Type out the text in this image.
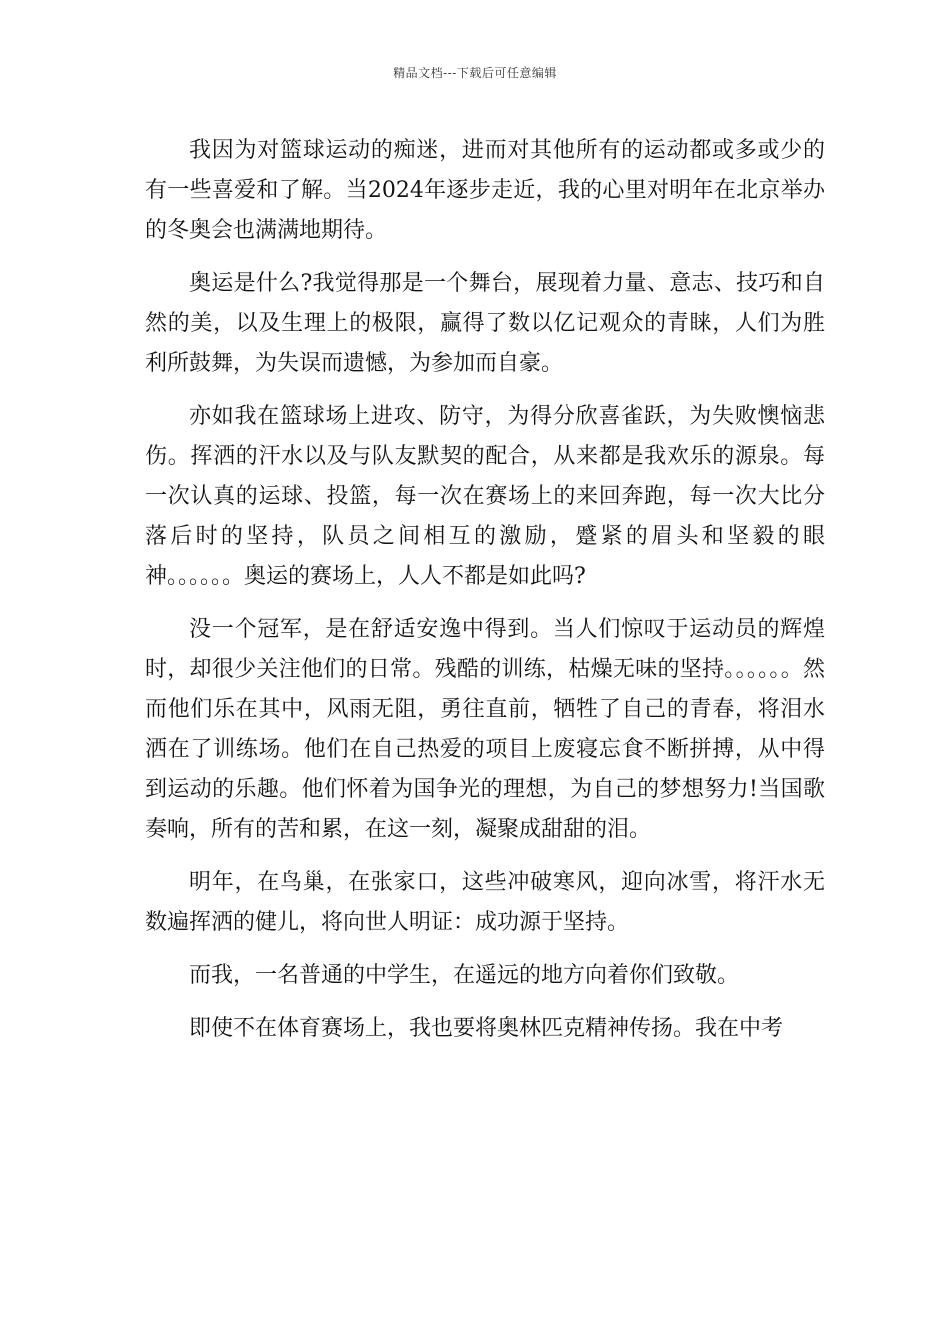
精品文档---下载后可任意编辑

我因为对篮球运动的痴迷，进而对其他所有的运动都或多或少的有一些喜爱和了解。当2024年逐步走近，我的心里对明年在北京举办的冬奥会也满满地期待。

奥运是什么?我觉得那是一个舞台，展现着力量、意志、技巧和自然的美，以及生理上的极限，赢得了数以亿记观众的青睐，人们为胜利所鼓舞，为失误而遗憾，为参加而自豪。

亦如我在篮球场上进攻、防守，为得分欣喜雀跃，为失败懊恼悲伤。挥洒的汗水以及与队友默契的配合，从来都是我欢乐的源泉。每一次认真的运球、投篮，每一次在赛场上的来回奔跑，每一次大比分落后时的坚持，队员之间相互的激励，蹙紧的眉头和坚毅的眼神。。。。。。奥运的赛场上，人人不都是如此吗?

没一个冠军，是在舒适安逸中得到。当人们惊叹于运动员的辉煌时，却很少关注他们的日常。残酷的训练，枯燥无味的坚持。。。。。。然而他们乐在其中，风雨无阻，勇往直前，牺牲了自己的青春，将泪水洒在了训练场。他们在自己热爱的项目上废寝忘食不断拼搏，从中得到运动的乐趣。他们怀着为国争光的理想，为自己的梦想努力!当国歌奏响，所有的苦和累，在这一刻，凝聚成甜甜的泪。

明年，在鸟巢，在张家口，这些冲破寒风，迎向冰雪，将汗水无数遍挥洒的健儿，将向世人明证：成功源于坚持。

而我，一名普通的中学生，在遥远的地方向着你们致敬。

即使不在体育赛场上，我也要将奥林匹克精神传扬。我在中考
